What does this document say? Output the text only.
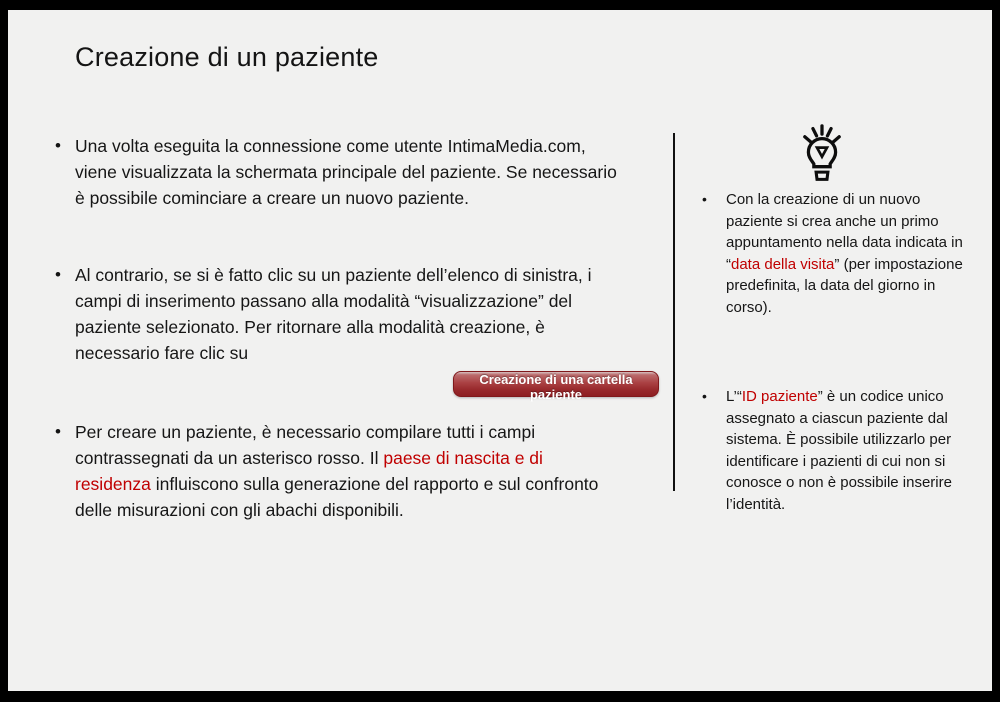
Creazione di un paziente
• Una volta eseguita la connessione come utente IntimaMedia.com, viene visualizzata la schermata principale del paziente. Se necessario è possibile cominciare a creare un nuovo paziente.

• Al contrario, se si è fatto clic su un paziente dell’elenco di sinistra, i campi di inserimento passano alla modalità “visualizzazione” del paziente selezionato. Per ritornare alla modalità creazione, è necessario fare clic su

Creazione di una cartella paziente
• Per creare un paziente, è necessario compilare tutti i campi contrassegnati da un asterisco rosso. Il paese di nascita e di residenza influiscono sulla generazione del rapporto e sul confronto delle misurazioni con gli abachi disponibili.

•	Con la creazione di un nuovo paziente si crea anche un primo appuntamento nella data indicata in “data della visita” (per impostazione predefinita, la data del giorno in corso).

•	L’“ID paziente” è un codice unico assegnato a ciascun paziente dal sistema. È possibile utilizzarlo per identificare i pazienti di cui non si conosce o non è possibile inserire l’identità.
